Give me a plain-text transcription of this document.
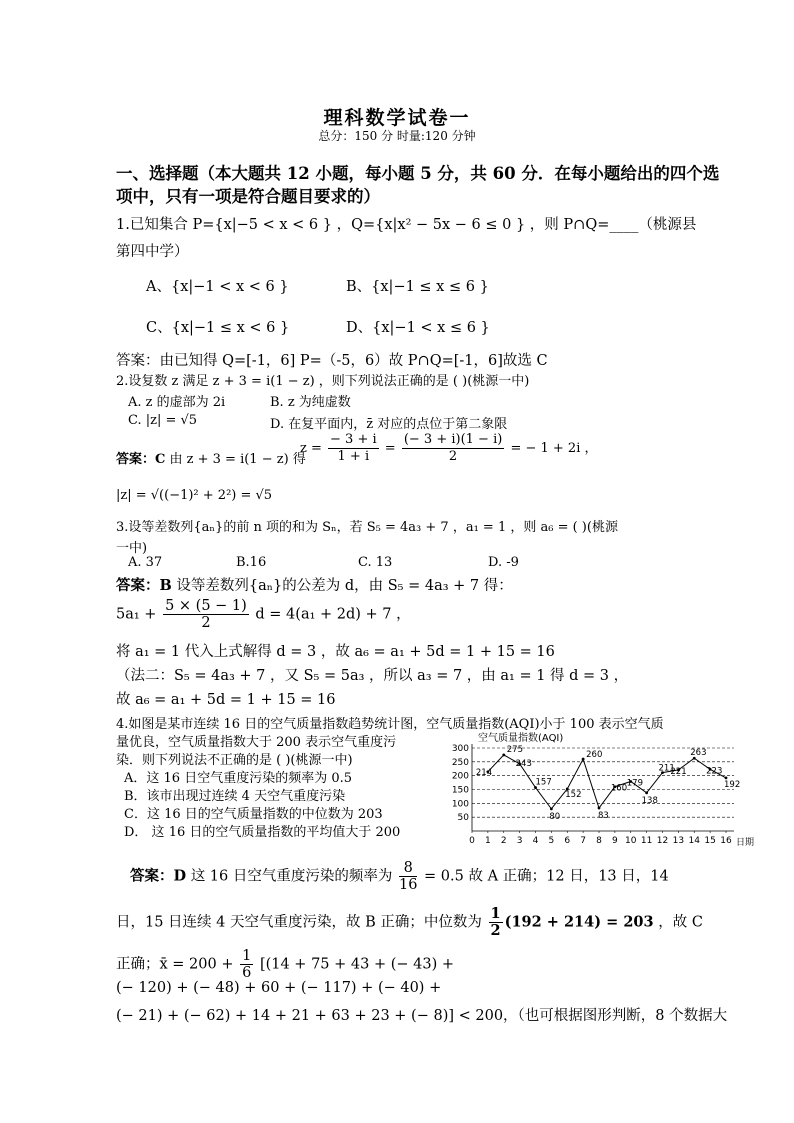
理科数学试卷一
总分：150 分 时量:120 分钟
一、选择题（本大题共 12 小题，每小题 5 分，共 60 分．在每小题给出的四个选
项中，只有一项是符合题目要求的）
1.已知集合 P={x|−5 < x < 6 } ，Q={x|x² − 5x − 6 ≤ 0 } ，则 P∩Q=____（桃源县
第四中学）
A、{x|−1 < x < 6 }	B、{x|−1 ≤ x ≤ 6 }
C、{x|−1 ≤ x < 6 }	D、{x|−1 < x ≤ 6 }
答案：由已知得 Q=[-1，6] P=（-5，6）故 P∩Q=[-1，6]故选 C
2.设复数 z 满足 z + 3 = i(1 − z) ，则下列说法正确的是 ( )(桃源一中)
A. z 的虚部为 2i	B. z 为纯虚数
C. |z| = √5	D. 在复平面内，z̄ 对应的点位于第二象限
答案：C 由 z + 3 = i(1 − z) 得
$z = \frac{- 3 + i}{1 + i} = \frac{(- 3 + i)(1 - i)}{2}$ = − 1 + 2i ，
|z| = √((−1)² + 2²) = √5
3.设等差数列{aₙ}的前 n 项的和为 Sₙ，若 S₅ = 4a₃ + 7 ，a₁ = 1 ，则 a₆ = ( )(桃源
一中)
A. 37	B.16	C. 13	D. -9
答案：B 设等差数列{aₙ}的公差为 d，由 S₅ = 4a₃ + 7 得：
$5a_1 + \frac{5 \times (5 - 1)}{2}$ d = 4(a₁ + 2d) + 7 ，
将 a₁ = 1 代入上式解得 d = 3 ，故 a₆ = a₁ + 5d = 1 + 15 = 16
（法二：S₅ = 4a₃ + 7 ，又 S₅ = 5a₃ ，所以 a₃ = 7 ，由 a₁ = 1 得 d = 3 ，
故 a₆ = a₁ + 5d = 1 + 15 = 16
4.如图是某市连续 16 日的空气质量指数趋势统计图，空气质量指数(AQI)小于 100 表示空气质
量优良，空气质量指数大于 200 表示空气重度污
染．则下列说法不正确的是 ( )(桃源一中)
A．这 16 日空气重度污染的频率为 0.5
B．该市出现过连续 4 天空气重度污染
C．这 16 日的空气质量指数的中位数为 203
D． 这 16 日的空气质量指数的平均值大于 200
空气质量指数(AQI)
50
100
150
200
250
300
0 1 2 3 4 5 6 7 8 9 10 11 12 13 14 15 16
214
275
243
157
80
152
260
83
160
179
138
211
221
263
223
192
日期
答案：D 这 16 日空气重度污染的频率为 $\frac{8}{16} = 0.5$ 故 A 正确；12 日，13 日，14
日，15 日连续 4 天空气重度污染，故 B 正确；中位数为 $\frac{1}{2} (192 + 214) = 203$ ，故 C
正确；x̄ = $200 + \frac{1}{6} [(14 + 75 + 43$ + (− 43) +
(− 120) + (− 48) + 60 + (− 117) + (− 40) +
(− 21) + (− 62) + 14 + 21 + 63 + 23 + (− 8)] < 200，（也可根据图形判断，8 个数据大
